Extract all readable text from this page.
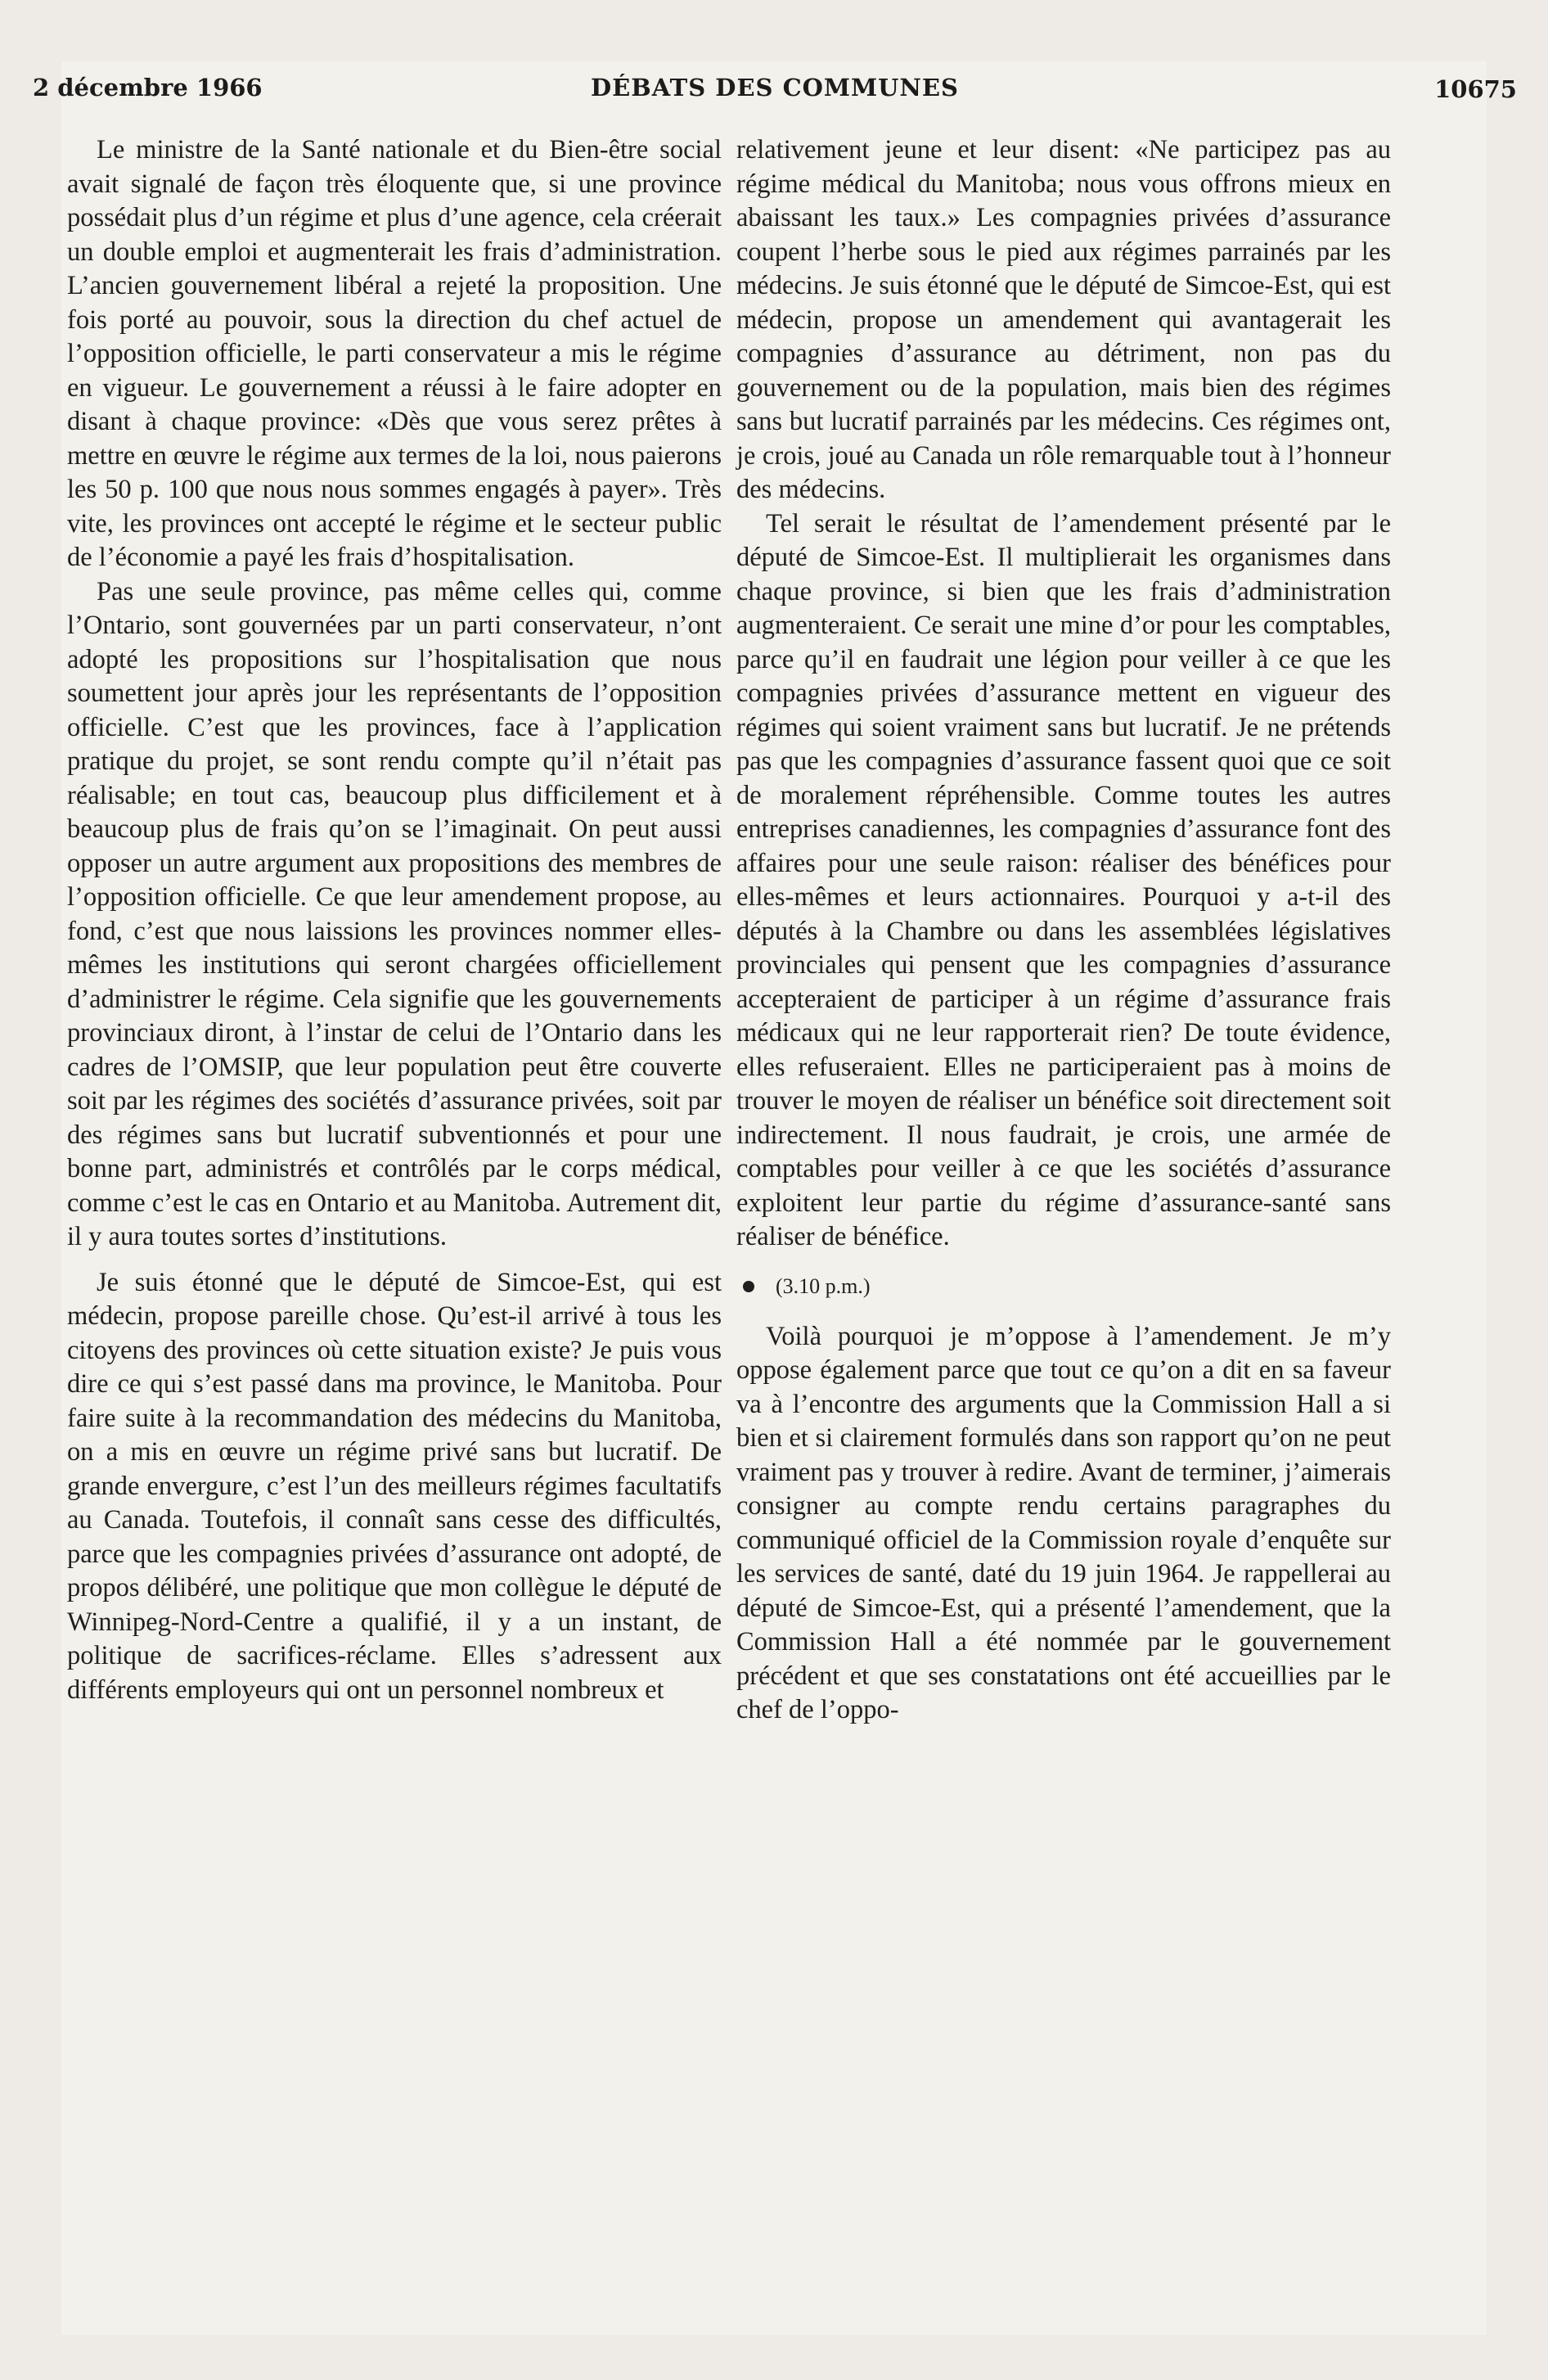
2 décembre 1966	DÉBATS DES COMMUNES	10675

Le ministre de la Santé nationale et du Bien-être social avait signalé de façon très éloquente que, si une province possédait plus d’un régime et plus d’une agence, cela créerait un double emploi et augmenterait les frais d’administration. L’ancien gouvernement libéral a rejeté la proposition. Une fois porté au pouvoir, sous la direction du chef actuel de l’opposition officielle, le parti conservateur a mis le régime en vigueur. Le gouvernement a réussi à le faire adopter en disant à chaque province: «Dès que vous serez prêtes à mettre en œuvre le régime aux termes de la loi, nous paierons les 50 p. 100 que nous nous sommes engagés à payer». Très vite, les provinces ont accepté le régime et le secteur public de l’économie a payé les frais d’hospitalisation.

Pas une seule province, pas même celles qui, comme l’Ontario, sont gouvernées par un parti conservateur, n’ont adopté les propositions sur l’hospitalisation que nous soumettent jour après jour les représentants de l’opposition officielle. C’est que les provinces, face à l’application pratique du projet, se sont rendu compte qu’il n’était pas réalisable; en tout cas, beaucoup plus difficilement et à beaucoup plus de frais qu’on se l’imaginait. On peut aussi opposer un autre argument aux propositions des membres de l’opposition officielle. Ce que leur amendement propose, au fond, c’est que nous laissions les provinces nommer elles-mêmes les institutions qui seront chargées officiellement d’administrer le régime. Cela signifie que les gouvernements provinciaux diront, à l’instar de celui de l’Ontario dans les cadres de l’OMSIP, que leur population peut être couverte soit par les régimes des sociétés d’assurance privées, soit par des régimes sans but lucratif subventionnés et pour une bonne part, administrés et contrôlés par le corps médical, comme c’est le cas en Ontario et au Manitoba. Autrement dit, il y aura toutes sortes d’institutions.

Je suis étonné que le député de Simcoe-Est, qui est médecin, propose pareille chose. Qu’est-il arrivé à tous les citoyens des provinces où cette situation existe? Je puis vous dire ce qui s’est passé dans ma province, le Manitoba. Pour faire suite à la recommandation des médecins du Manitoba, on a mis en œuvre un régime privé sans but lucratif. De grande envergure, c’est l’un des meilleurs régimes facultatifs au Canada. Toutefois, il connaît sans cesse des difficultés, parce que les compagnies privées d’assurance ont adopté, de propos délibéré, une politique que mon collègue le député de Winnipeg-Nord-Centre a qualifié, il y a un instant, de politique de sacrifices-réclame. Elles s’adressent aux différents employeurs qui ont un personnel nombreux et

relativement jeune et leur disent: «Ne participez pas au régime médical du Manitoba; nous vous offrons mieux en abaissant les taux.» Les compagnies privées d’assurance coupent l’herbe sous le pied aux régimes parrainés par les médecins. Je suis étonné que le député de Simcoe-Est, qui est médecin, propose un amendement qui avantagerait les compagnies d’assurance au détriment, non pas du gouvernement ou de la population, mais bien des régimes sans but lucratif parrainés par les médecins. Ces régimes ont, je crois, joué au Canada un rôle remarquable tout à l’honneur des médecins.

Tel serait le résultat de l’amendement présenté par le député de Simcoe-Est. Il multiplierait les organismes dans chaque province, si bien que les frais d’administration augmenteraient. Ce serait une mine d’or pour les comptables, parce qu’il en faudrait une légion pour veiller à ce que les compagnies privées d’assurance mettent en vigueur des régimes qui soient vraiment sans but lucratif. Je ne prétends pas que les compagnies d’assurance fassent quoi que ce soit de moralement répréhensible. Comme toutes les autres entreprises canadiennes, les compagnies d’assurance font des affaires pour une seule raison: réaliser des bénéfices pour elles-mêmes et leurs actionnaires. Pourquoi y a-t-il des députés à la Chambre ou dans les assemblées législatives provinciales qui pensent que les compagnies d’assurance accepteraient de participer à un régime d’assurance frais médicaux qui ne leur rapporterait rien? De toute évidence, elles refuseraient. Elles ne participeraient pas à moins de trouver le moyen de réaliser un bénéfice soit directement soit indirectement. Il nous faudrait, je crois, une armée de comptables pour veiller à ce que les sociétés d’assurance exploitent leur partie du régime d’assurance-santé sans réaliser de bénéfice.

(3.10 p.m.)

Voilà pourquoi je m’oppose à l’amendement. Je m’y oppose également parce que tout ce qu’on a dit en sa faveur va à l’encontre des arguments que la Commission Hall a si bien et si clairement formulés dans son rapport qu’on ne peut vraiment pas y trouver à redire. Avant de terminer, j’aimerais consigner au compte rendu certains paragraphes du communiqué officiel de la Commission royale d’enquête sur les services de santé, daté du 19 juin 1964. Je rappellerai au député de Simcoe-Est, qui a présenté l’amendement, que la Commission Hall a été nommée par le gouvernement précédent et que ses constatations ont été accueillies par le chef de l’oppo-
